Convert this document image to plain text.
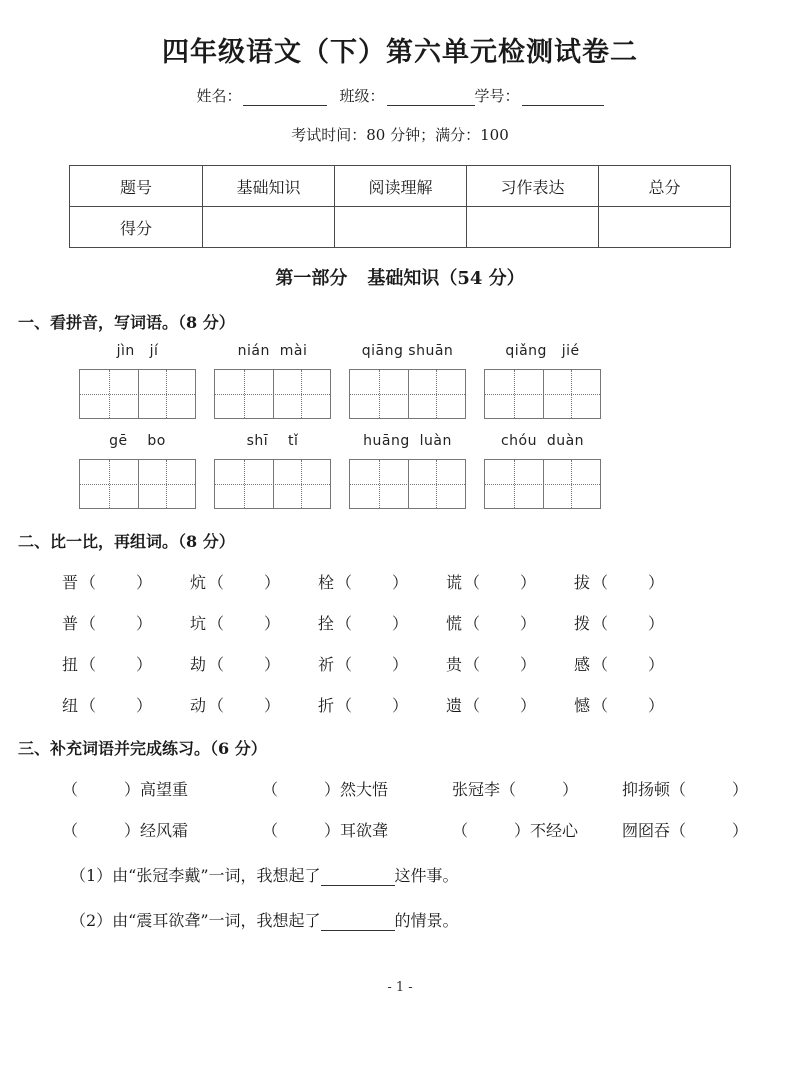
四年级语文（下）第六单元检测试卷二
姓名：	班级：	学号：
考试时间：80 分钟；满分：100
题号	基础知识	阅读理解	习作表达	总分
得分				
第一部分 基础知识（54 分）
一、看拼音，写词语。（8 分）
jìn   jí	nián  mài	qiāng shuān	qiǎng   jié
gē    bo	shī    tǐ	huāng  luàn	chóu  duàn
二、比一比，再组词。（8 分）
晋 （	）	炕 （	）	栓 （	）	谎 （	）	拔 （	）
普 （	）	坑 （	）	拴 （	）	慌 （	）	拨 （	）
扭 （	）	劫 （	）	祈 （	）	贵 （	）	感 （	）
纽 （	）	动 （	）	折 （	）	遗 （	）	憾 （	）
三、补充词语并完成练习。（6 分）
（	）高望重	（	）然大悟	张冠李（	）	抑扬顿（	）
（	）经风霜	（	）耳欲聋	（	）不经心	囫囵吞（	）
（1）由“张冠李戴”一词，我想起了	这件事。
（2）由“震耳欲聋”一词，我想起了	的情景。
- 1 -
